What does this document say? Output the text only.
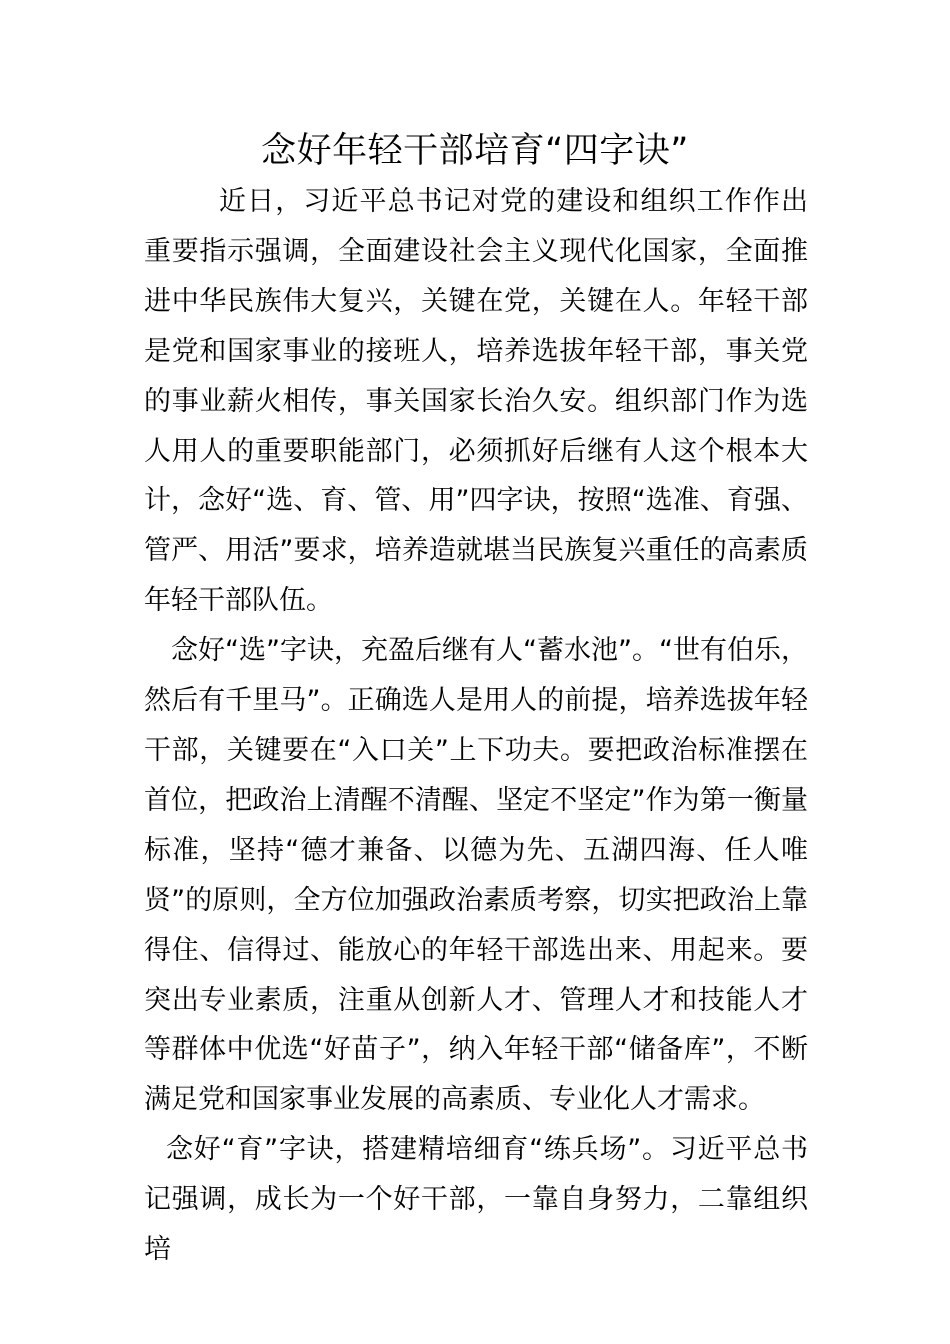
念好年轻干部培育“四字诀”

近日，习近平总书记对党的建设和组织工作作出重要指示强调，全面建设社会主义现代化国家，全面推进中华民族伟大复兴，关键在党，关键在人。年轻干部是党和国家事业的接班人，培养选拔年轻干部，事关党的事业薪火相传，事关国家长治久安。组织部门作为选人用人的重要职能部门，必须抓好后继有人这个根本大计，念好“选、育、管、用”四字诀，按照“选准、育强、管严、用活”要求，培养造就堪当民族复兴重任的高素质年轻干部队伍。

念好“选”字诀，充盈后继有人“蓄水池”。“世有伯乐，然后有千里马”。正确选人是用人的前提，培养选拔年轻干部，关键要在“入口关”上下功夫。要把政治标准摆在首位，把政治上清醒不清醒、坚定不坚定”作为第一衡量标准，坚持“德才兼备、以德为先、五湖四海、任人唯贤”的原则，全方位加强政治素质考察，切实把政治上靠得住、信得过、能放心的年轻干部选出来、用起来。要突出专业素质，注重从创新人才、管理人才和技能人才等群体中优选“好苗子”，纳入年轻干部“储备库”，不断满足党和国家事业发展的高素质、专业化人才需求。

念好“育”字诀，搭建精培细育“练兵场”。习近平总书记强调，成长为一个好干部，一靠自身努力，二靠组织培
